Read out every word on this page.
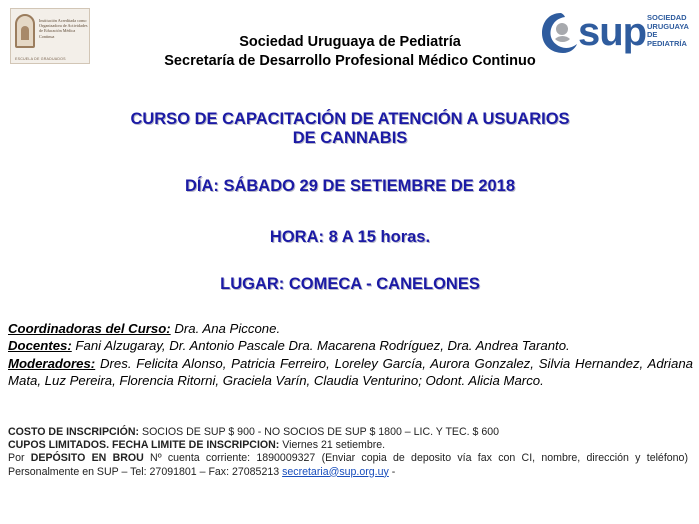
Institución Acreditada como Organizadora de Actividades de Educación Médica Continua
ESCUELA DE GRADUADOS
sup SOCIEDAD
URUGUAYA
DE PEDIATRÍA
Sociedad Uruguaya de Pediatría
Secretaría de Desarrollo Profesional Médico Continuo
CURSO DE CAPACITACIÓN DE ATENCIÓN A USUARIOS
DE CANNABIS
DÍA: SÁBADO 29 DE SETIEMBRE DE 2018
HORA: 8 A 15 horas.
LUGAR: COMECA - CANELONES
Coordinadoras del Curso: Dra. Ana Piccone.
Docentes: Fani Alzugaray, Dr. Antonio Pascale Dra. Macarena Rodríguez, Dra. Andrea Taranto.
Moderadores: Dres. Felicita Alonso, Patricia Ferreiro, Loreley García, Aurora Gonzalez, Silvia Hernandez, Adriana Mata, Luz Pereira, Florencia Ritorni, Graciela Varín, Claudia Venturino; Odont. Alicia Marco.
COSTO DE INSCRIPCIÓN: SOCIOS DE SUP $ 900 - NO SOCIOS DE SUP $ 1800 – LIC. Y TEC. $ 600
CUPOS LIMITADOS. FECHA LIMITE DE INSCRIPCION: Viernes 21 setiembre.
Por DEPÓSITO EN BROU Nº cuenta corriente: 1890009327 (Enviar copia de deposito vía fax con CI, nombre, dirección y teléfono) Personalmente en SUP – Tel: 27091801 – Fax: 27085213 secretaria@sup.org.uy -
